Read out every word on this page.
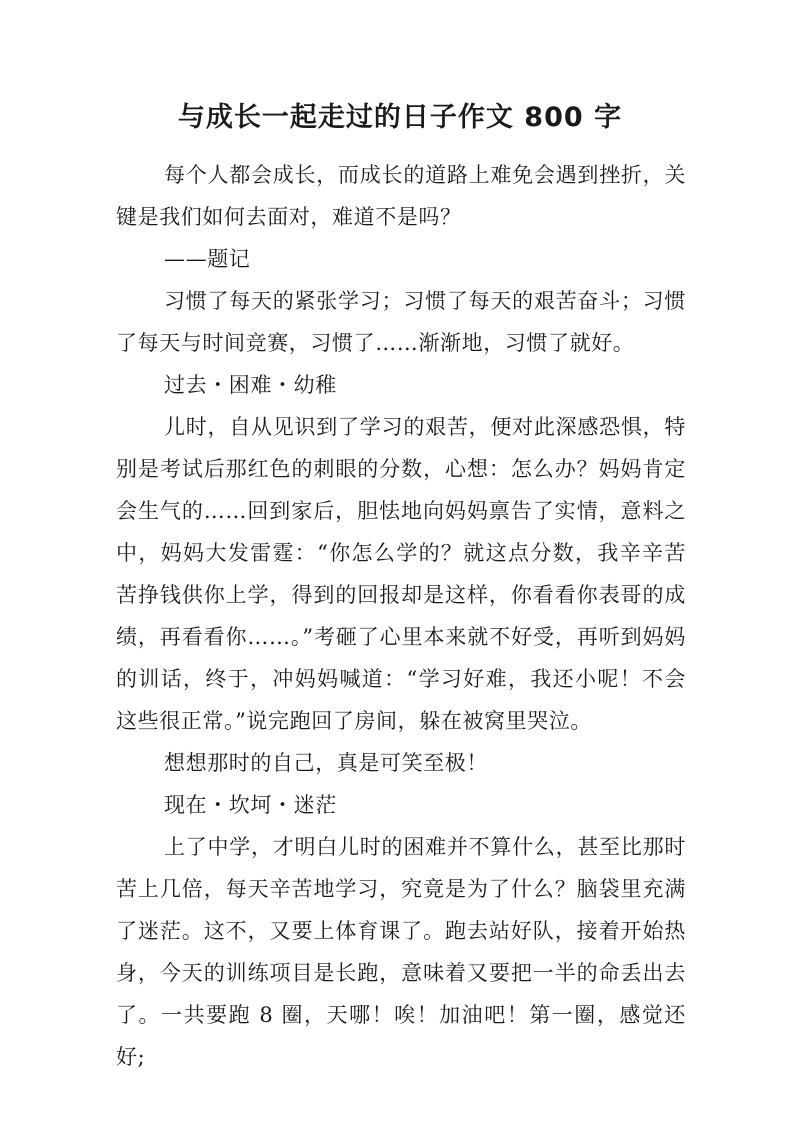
与成长一起走过的日子作文 800 字

每个人都会成长，而成长的道路上难免会遇到挫折，关键是我们如何去面对，难道不是吗？

——题记

习惯了每天的紧张学习；习惯了每天的艰苦奋斗；习惯了每天与时间竞赛，习惯了……渐渐地，习惯了就好。

过去・困难・幼稚

儿时，自从见识到了学习的艰苦，便对此深感恐惧，特别是考试后那红色的刺眼的分数，心想：怎么办？妈妈肯定会生气的……回到家后，胆怯地向妈妈禀告了实情，意料之中，妈妈大发雷霆：“你怎么学的？就这点分数，我辛辛苦苦挣钱供你上学，得到的回报却是这样，你看看你表哥的成绩，再看看你……。”考砸了心里本来就不好受，再听到妈妈的训话，终于，冲妈妈喊道：“学习好难，我还小呢！不会这些很正常。”说完跑回了房间，躲在被窝里哭泣。

想想那时的自己，真是可笑至极！

现在・坎坷・迷茫

上了中学，才明白儿时的困难并不算什么，甚至比那时苦上几倍，每天辛苦地学习，究竟是为了什么？脑袋里充满了迷茫。这不，又要上体育课了。跑去站好队，接着开始热身，今天的训练项目是长跑，意味着又要把一半的命丢出去了。一共要跑 8 圈，天哪！唉！加油吧！第一圈，感觉还好;
